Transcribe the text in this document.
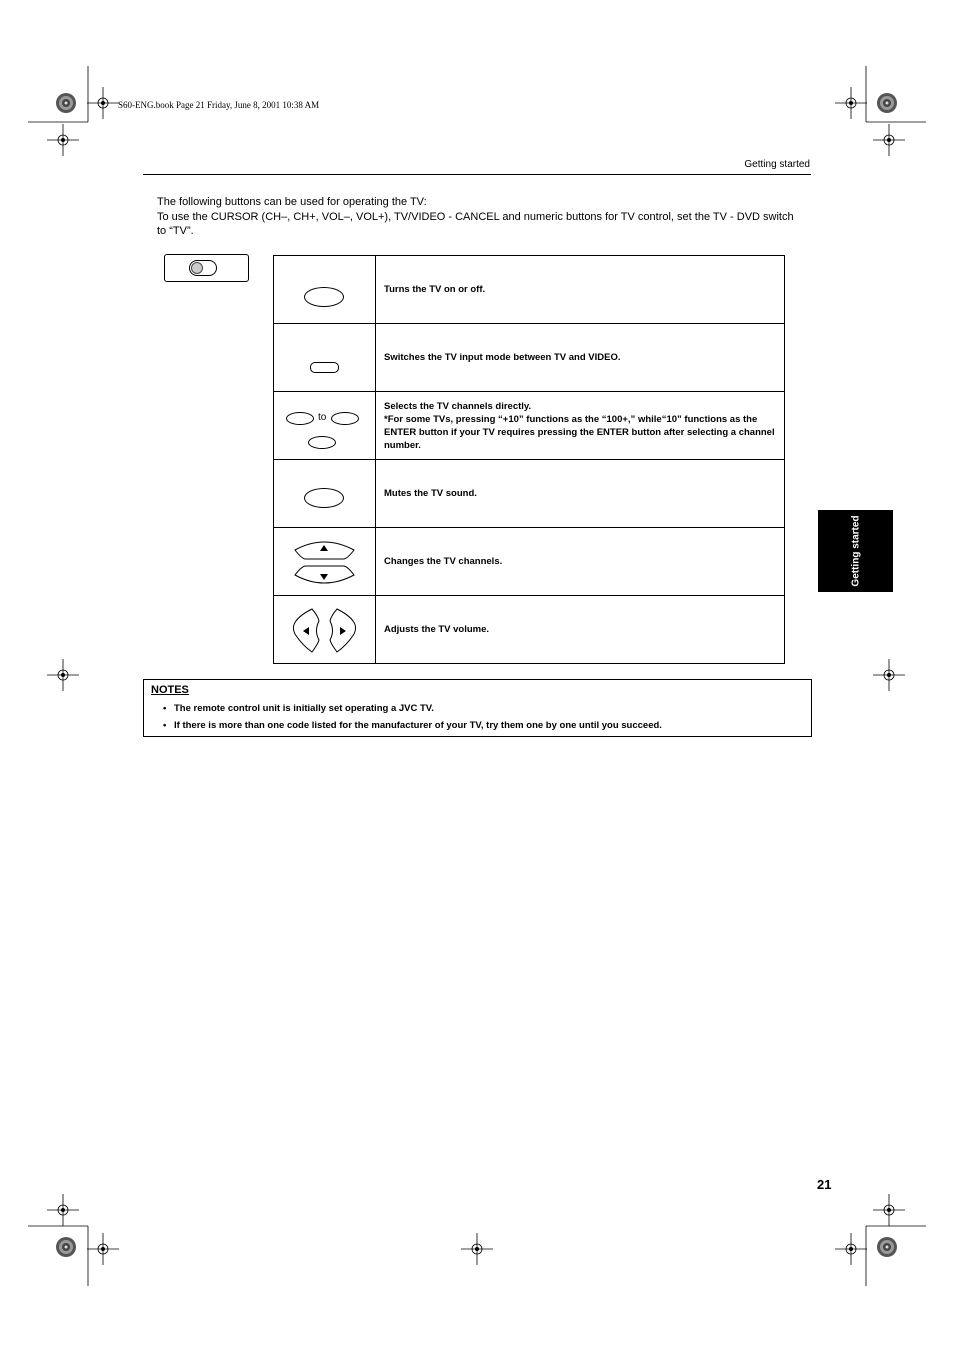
S60-ENG.book Page 21 Friday, June 8, 2001 10:38 AM
Getting started
The following buttons can be used for operating the TV:
To use the CURSOR (CH–, CH+, VOL–, VOL+), TV/VIDEO - CANCEL and numeric buttons for TV control, set the TV - DVD switch to “TV”.
	Turns the TV on or off.

	Switches the TV input mode between TV and VIDEO.

to	Selects the TV channels directly.
*For some TVs, pressing “+10” functions as the “100+,” while“10” functions as the ENTER button if your TV requires pressing the ENTER button after selecting a channel number.

	Mutes the TV sound.

	Changes the TV channels.

	Adjusts the TV volume.
Getting started
NOTES
• The remote control unit is initially set operating a JVC TV.
• If there is more than one code listed for the manufacturer of your TV, try them one by one until you succeed.
21
